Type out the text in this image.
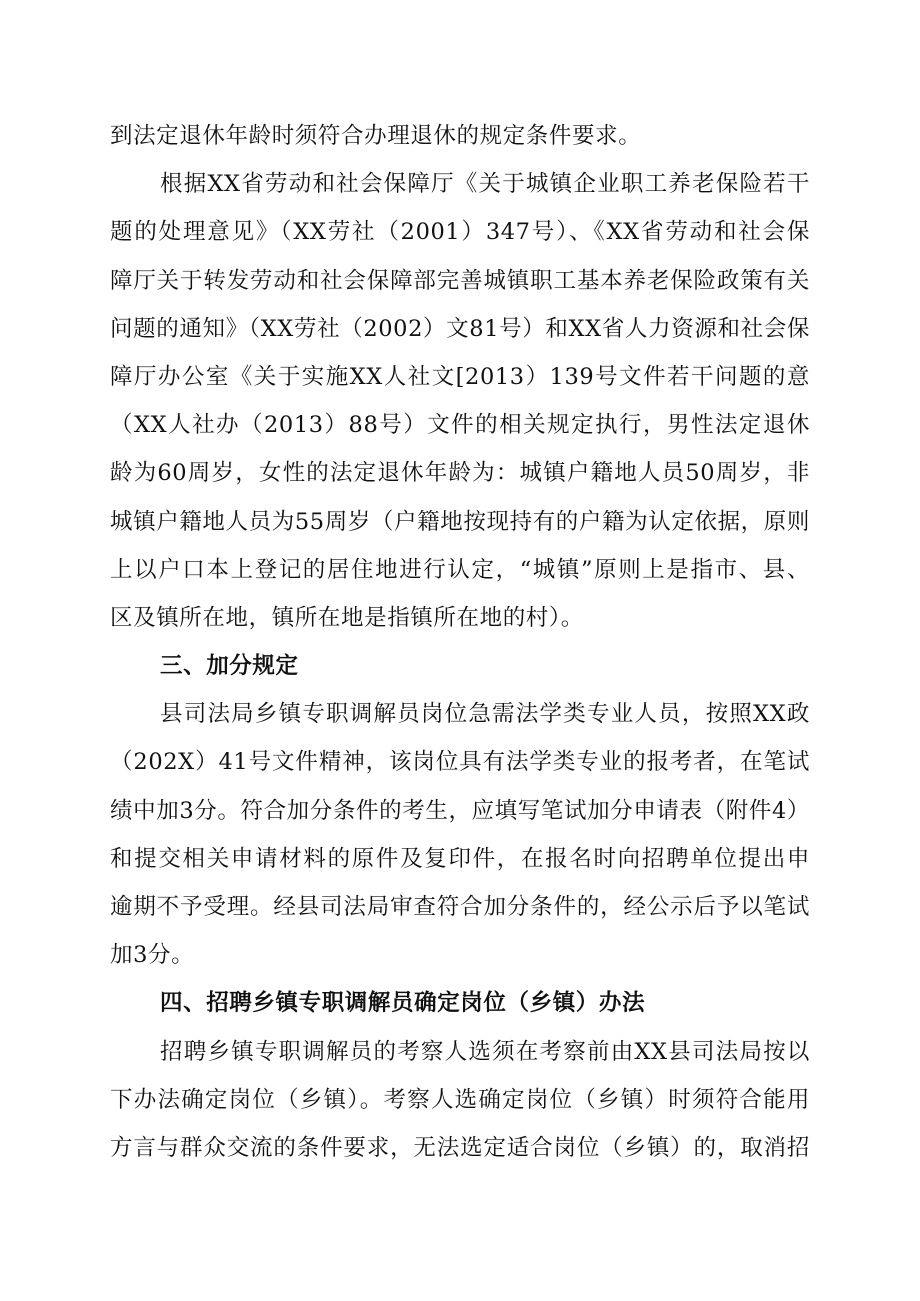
到法定退休年龄时须符合办理退休的规定条件要求。
根据XX省劳动和社会保障厅《关于城镇企业职工养老保险若干
题的处理意见》（XX劳社（2001）347号）、《XX省劳动和社会保
障厅关于转发劳动和社会保障部完善城镇职工基本养老保险政策有关
问题的通知》（XX劳社（2002）文81号）和XX省人力资源和社会保
障厅办公室《关于实施XX人社文[2013）139号文件若干问题的意
（XX人社办（2013）88号）文件的相关规定执行，男性法定退休
龄为60周岁，女性的法定退休年龄为：城镇户籍地人员50周岁，非
城镇户籍地人员为55周岁（户籍地按现持有的户籍为认定依据，原则
上以户口本上登记的居住地进行认定，“城镇”原则上是指市、县、
区及镇所在地，镇所在地是指镇所在地的村）。
三、加分规定
县司法局乡镇专职调解员岗位急需法学类专业人员，按照XX政
（202X）41号文件精神，该岗位具有法学类专业的报考者，在笔试
绩中加3分。符合加分条件的考生，应填写笔试加分申请表（附件4）
和提交相关申请材料的原件及复印件，在报名时向招聘单位提出申
逾期不予受理。经县司法局审查符合加分条件的，经公示后予以笔试
加3分。
四、招聘乡镇专职调解员确定岗位（乡镇）办法
招聘乡镇专职调解员的考察人选须在考察前由XX县司法局按以
下办法确定岗位（乡镇）。考察人选确定岗位（乡镇）时须符合能用
方言与群众交流的条件要求，无法选定适合岗位（乡镇）的，取消招
